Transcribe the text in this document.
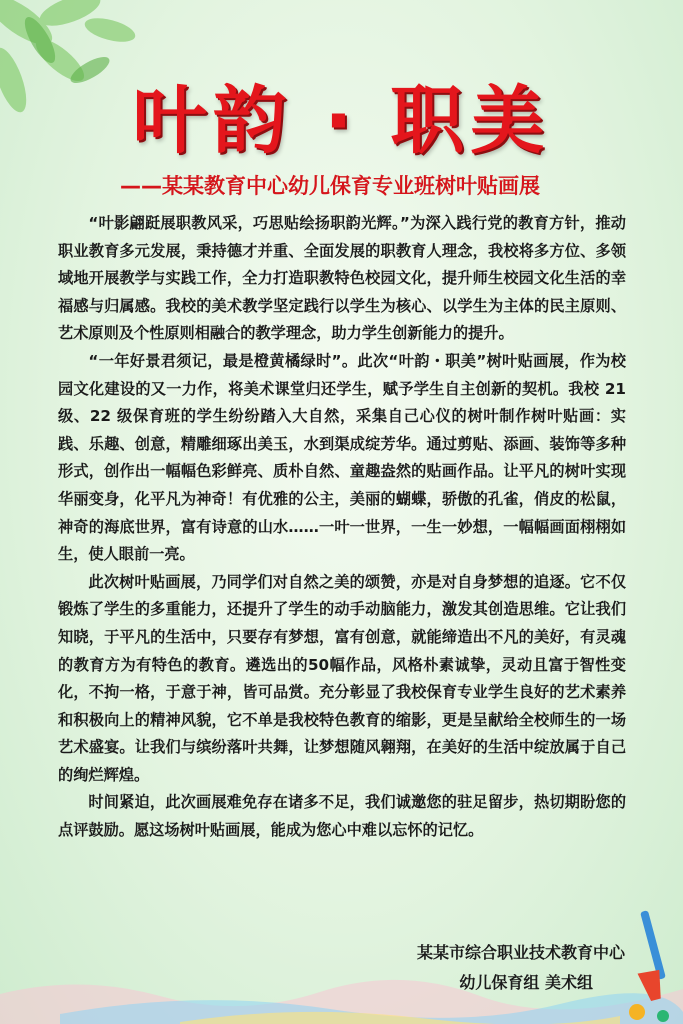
叶韵 · 职美
——某某教育中心幼儿保育专业班树叶贴画展

“叶影翩跹展职教风采，巧思贴绘扬职韵光辉。”为深入践行党的教育方针，推动职业教育多元发展，秉持德才并重、全面发展的职教育人理念，我校将多方位、多领域地开展教学与实践工作，全力打造职教特色校园文化，提升师生校园文化生活的幸福感与归属感。我校的美术教学坚定践行以学生为核心、以学生为主体的民主原则、艺术原则及个性原则相融合的教学理念，助力学生创新能力的提升。

“一年好景君须记，最是橙黄橘绿时”。此次“叶韵・职美”树叶贴画展，作为校园文化建设的又一力作，将美术课堂归还学生，赋予学生自主创新的契机。我校 21 级、22 级保育班的学生纷纷踏入大自然，采集自己心仪的树叶制作树叶贴画：实践、乐趣、创意，精雕细琢出美玉，水到渠成绽芳华。通过剪贴、添画、装饰等多种形式，创作出一幅幅色彩鲜亮、质朴自然、童趣盎然的贴画作品。让平凡的树叶实现华丽变身，化平凡为神奇！有优雅的公主，美丽的蝴蝶，骄傲的孔雀，俏皮的松鼠，神奇的海底世界，富有诗意的山水……一叶一世界，一生一妙想，一幅幅画面栩栩如生，使人眼前一亮。

此次树叶贴画展，乃同学们对自然之美的颂赞，亦是对自身梦想的追逐。它不仅锻炼了学生的多重能力，还提升了学生的动手动脑能力，激发其创造思维。它让我们知晓，于平凡的生活中，只要存有梦想，富有创意，就能缔造出不凡的美好，有灵魂的教育方为有特色的教育。遴选出的50幅作品，风格朴素诚挚，灵动且富于智性变化，不拘一格，于意于神，皆可品赏。充分彰显了我校保育专业学生良好的艺术素养和积极向上的精神风貌，它不单是我校特色教育的缩影，更是呈献给全校师生的一场艺术盛宴。让我们与缤纷落叶共舞，让梦想随风翱翔，在美好的生活中绽放属于自己的绚烂辉煌。

时间紧迫，此次画展难免存在诸多不足，我们诚邀您的驻足留步，热切期盼您的点评鼓励。愿这场树叶贴画展，能成为您心中难以忘怀的记忆。

某某市综合职业技术教育中心
幼儿保育组 美术组
